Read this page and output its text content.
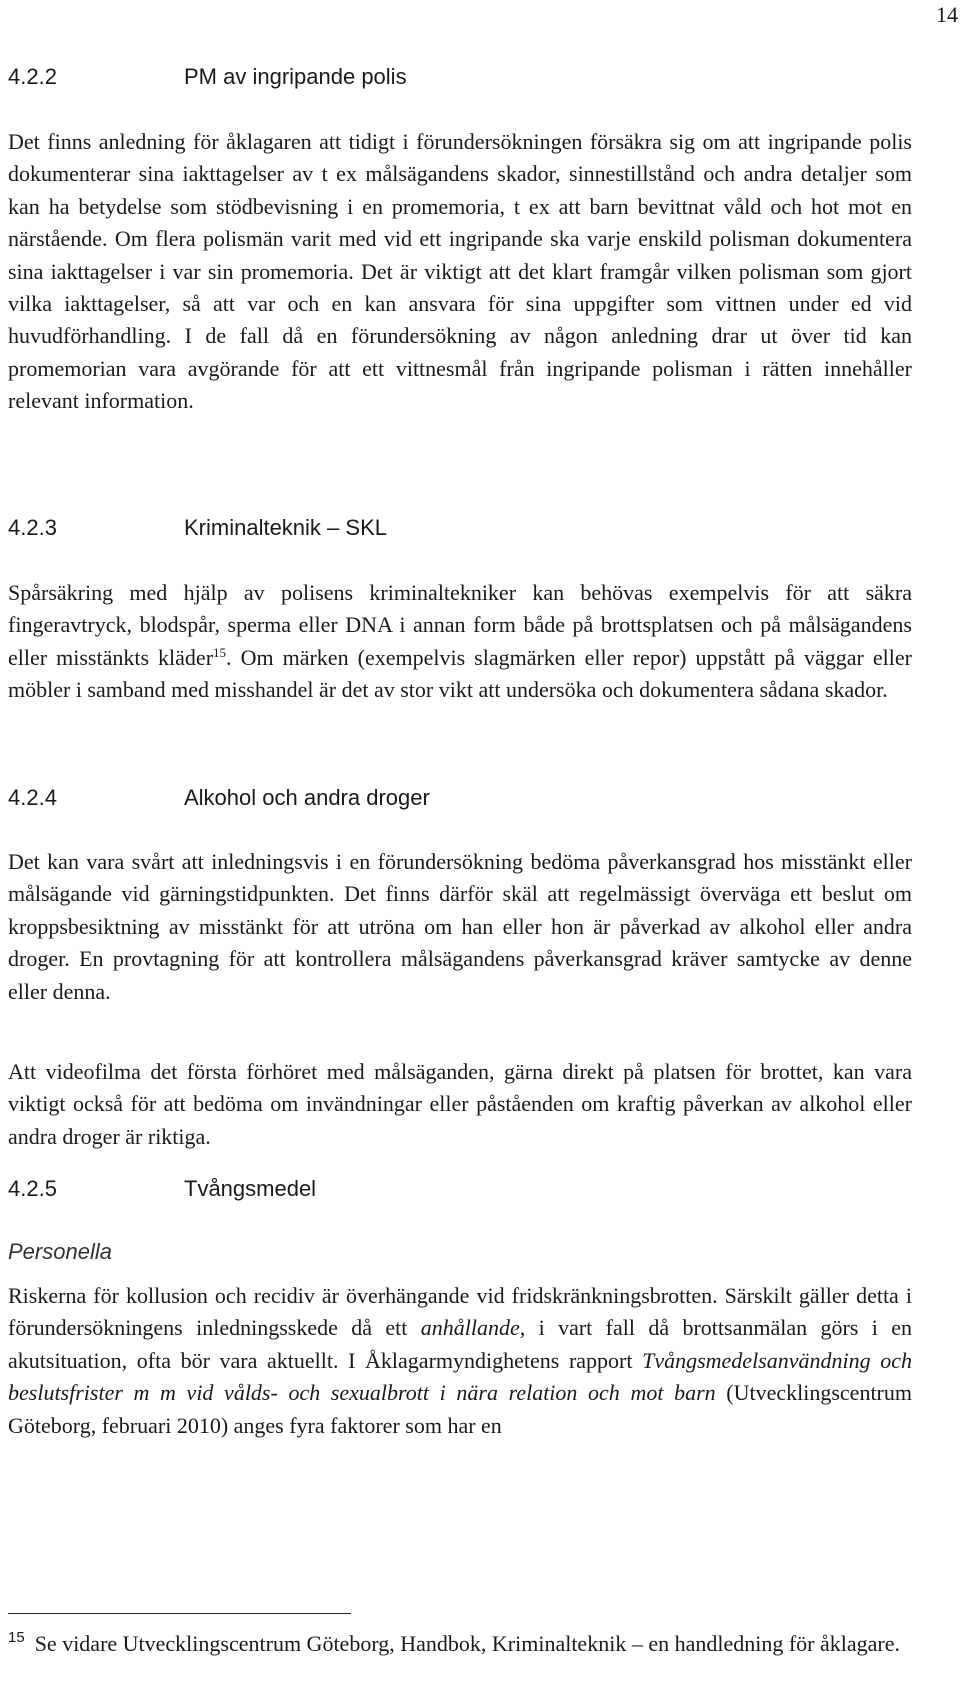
14
4.2.2	PM av ingripande polis

Det finns anledning för åklagaren att tidigt i förundersökningen försäkra sig om att ingripande polis dokumenterar sina iakttagelser av t ex målsägandens skador, sinnestillstånd och andra detaljer som kan ha betydelse som stödbevisning i en promemoria, t ex att barn bevittnat våld och hot mot en närstående. Om flera polismän varit med vid ett ingripande ska varje enskild polisman dokumentera sina iakttagelser i var sin promemoria. Det är viktigt att det klart framgår vilken polisman som gjort vilka iakttagelser, så att var och en kan ansvara för sina uppgifter som vittnen under ed vid huvudförhandling. I de fall då en förundersökning av någon anledning drar ut över tid kan promemorian vara avgörande för att ett vittnesmål från ingripande polisman i rätten innehåller relevant information.

4.2.3	Kriminalteknik – SKL

Spårsäkring med hjälp av polisens kriminaltekniker kan behövas exempelvis för att säkra fingeravtryck, blodspår, sperma eller DNA i annan form både på brottsplatsen och på målsägandens eller misstänkts kläder$^{15}$. Om märken (exempelvis slagmärken eller repor) uppstått på väggar eller möbler i samband med misshandel är det av stor vikt att undersöka och dokumentera sådana skador.

4.2.4	Alkohol och andra droger

Det kan vara svårt att inledningsvis i en förundersökning bedöma påverkansgrad hos misstänkt eller målsägande vid gärningstidpunkten. Det finns därför skäl att regelmässigt överväga ett beslut om kroppsbesiktning av misstänkt för att utröna om han eller hon är påverkad av alkohol eller andra droger. En provtagning för att kontrollera målsägandens påverkansgrad kräver samtycke av denne eller denna.

Att videofilma det första förhöret med målsäganden, gärna direkt på platsen för brottet, kan vara viktigt också för att bedöma om invändningar eller påståenden om kraftig påverkan av alkohol eller andra droger är riktiga.

4.2.5	Tvångsmedel
Personella

Riskerna för kollusion och recidiv är överhängande vid fridskränkningsbrotten. Särskilt gäller detta i förundersökningens inledningsskede då ett anhållande, i vart fall då brottsanmälan görs i en akutsituation, ofta bör vara aktuellt. I Åklagarmyndighetens rapport Tvångsmedelsanvändning och beslutsfrister m m vid vålds- och sexualbrott i nära relation och mot barn (Utvecklingscentrum Göteborg, februari 2010) anges fyra faktorer som har en

$^{15}$ Se vidare Utvecklingscentrum Göteborg, Handbok, Kriminalteknik – en handledning för åklagare.
